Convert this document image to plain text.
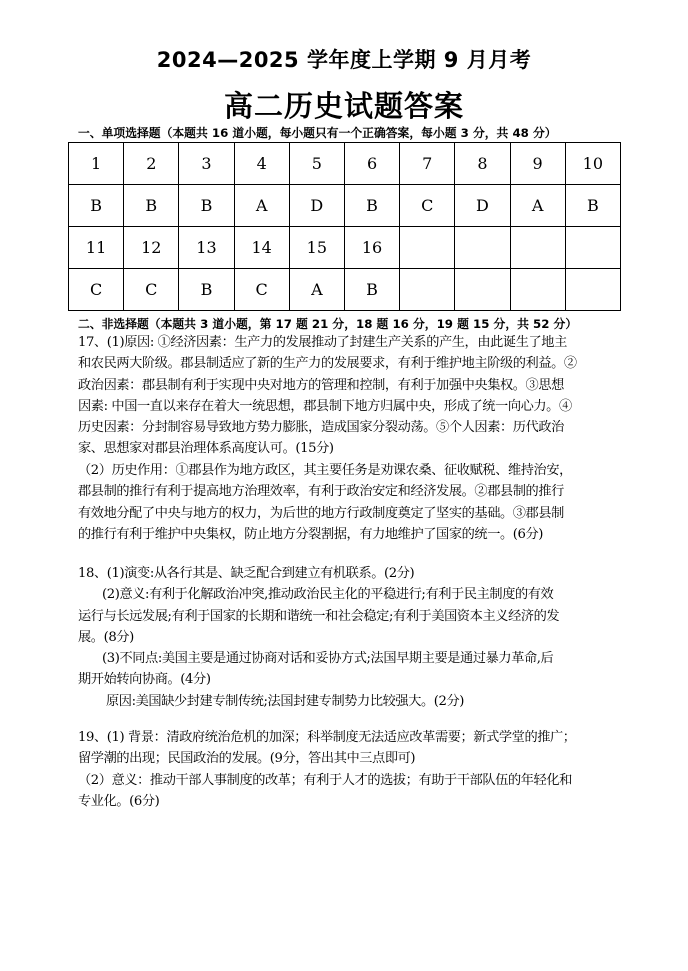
2024—2025 学年度上学期 9 月月考
高二历史试题答案
一、单项选择题（本题共 16 道小题，每小题只有一个正确答案，每小题 3 分，共 48 分）
1	2	3	4	5	6	7	8	9	10
B	B	B	A	D	B	C	D	A	B
11	12	13	14	15	16				
C	C	B	C	A	B				
二、非选择题（本题共 3 道小题，第 17 题 21 分，18 题 16 分，19 题 15 分，共 52 分）
17、(1)原因: ①经济因素：生产力的发展推动了封建生产关系的产生，由此诞生了地主
和农民两大阶级。郡县制适应了新的生产力的发展要求，有利于维护地主阶级的利益。②
政治因素：郡县制有利于实现中央对地方的管理和控制，有利于加强中央集权。③思想
因素: 中国一直以来存在着大一统思想，郡县制下地方归属中央，形成了统一向心力。④
历史因素：分封制容易导致地方势力膨胀，造成国家分裂动荡。⑤个人因素：历代政治
家、思想家对郡县治理体系高度认可。(15分)
（2）历史作用：①郡县作为地方政区，其主要任务是劝课农桑、征收赋税、维持治安，
郡县制的推行有利于提高地方治理效率，有利于政治安定和经济发展。②郡县制的推行
有效地分配了中央与地方的权力，为后世的地方行政制度奠定了坚实的基础。③郡县制
的推行有利于维护中央集权，防止地方分裂割据，有力地维护了国家的统一。(6分)
18、(1)演变:从各行其是、缺乏配合到建立有机联系。(2分)
(2)意义:有利于化解政治冲突,推动政治民主化的平稳进行;有利于民主制度的有效
运行与长远发展;有利于国家的长期和谐统一和社会稳定;有利于美国资本主义经济的发
展。(8分)
(3)不同点:美国主要是通过协商对话和妥协方式;法国早期主要是通过暴力革命,后
期开始转向协商。(4分)
原因:美国缺少封建专制传统;法国封建专制势力比较强大。(2分)
19、(1) 背景：清政府统治危机的加深；科举制度无法适应改革需要；新式学堂的推广；
留学潮的出现；民国政治的发展。(9分，答出其中三点即可)
（2）意义：推动干部人事制度的改革；有利于人才的选拔；有助于干部队伍的年轻化和
专业化。(6分)
